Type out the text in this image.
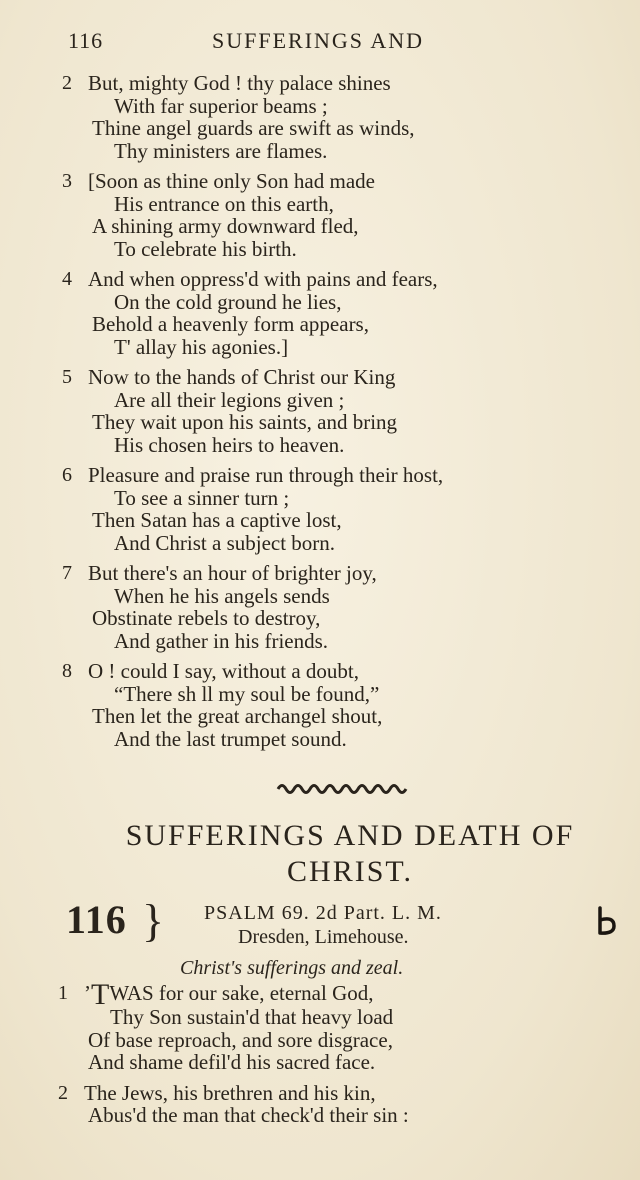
116	SUFFERINGS AND
2 But, mighty God ! thy palace shines
With far superior beams ;
Thine angel guards are swift as winds,
Thy ministers are flames.
3 [Soon as thine only Son had made
His entrance on this earth,
A shining army downward fled,
To celebrate his birth.
4 And when oppress'd with pains and fears,
On the cold ground he lies,
Behold a heavenly form appears,
T' allay his agonies.]
5 Now to the hands of Christ our King
Are all their legions given ;
They wait upon his saints, and bring
His chosen heirs to heaven.
6 Pleasure and praise run through their host,
To see a sinner turn ;
Then Satan has a captive lost,
And Christ a subject born.
7 But there's an hour of brighter joy,
When he his angels sends
Obstinate rebels to destroy,
And gather in his friends.
8 O ! could I say, without a doubt,
“There sh ll my soul be found,”
Then let the great archangel shout,
And the last trumpet sound.
SUFFERINGS AND DEATH OF
CHRIST.
116 } PSALM 69. 2d Part. L. M.
Dresden, Limehouse.
Christ's sufferings and zeal.
1 ’TWAS for our sake, eternal God,
Thy Son sustain'd that heavy load
Of base reproach, and sore disgrace,
And shame defil'd his sacred face.
2 The Jews, his brethren and his kin,
Abus'd the man that check'd their sin :
